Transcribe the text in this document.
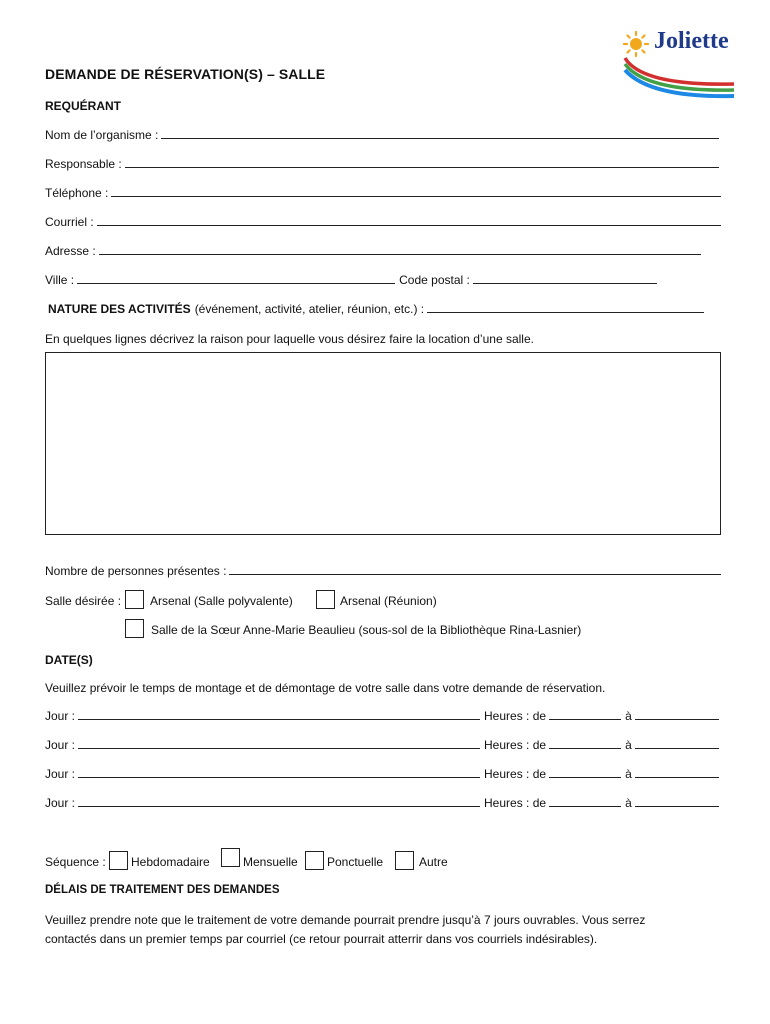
Joliette
DEMANDE DE RÉSERVATION(S) – SALLE
REQUÉRANT
Nom de l’organisme :
Responsable :
Téléphone :
Courriel :
Adresse :
Ville :	Code postal :
NATURE DES ACTIVITÉS (événement, activité, atelier, réunion, etc.) :
En quelques lignes décrivez la raison pour laquelle vous désirez faire la location d’une salle.
Nombre de personnes présentes :
Salle désirée : Arsenal (Salle polyvalente)	Arsenal (Réunion)
Salle de la Sœur Anne-Marie Beaulieu (sous-sol de la Bibliothèque Rina-Lasnier)
DATE(S)
Veuillez prévoir le temps de montage et de démontage de votre salle dans votre demande de réservation.
Jour :	Heures : de	à
Jour :	Heures : de	à
Jour :	Heures : de	à
Jour :	Heures : de	à
Séquence : Hebdomadaire	Mensuelle Ponctuelle	Autre
DÉLAIS DE TRAITEMENT DES DEMANDES
Veuillez prendre note que le traitement de votre demande pourrait prendre jusqu’à 7 jours ouvrables. Vous serrez
contactés dans un premier temps par courriel (ce retour pourrait atterrir dans vos courriels indésirables).
